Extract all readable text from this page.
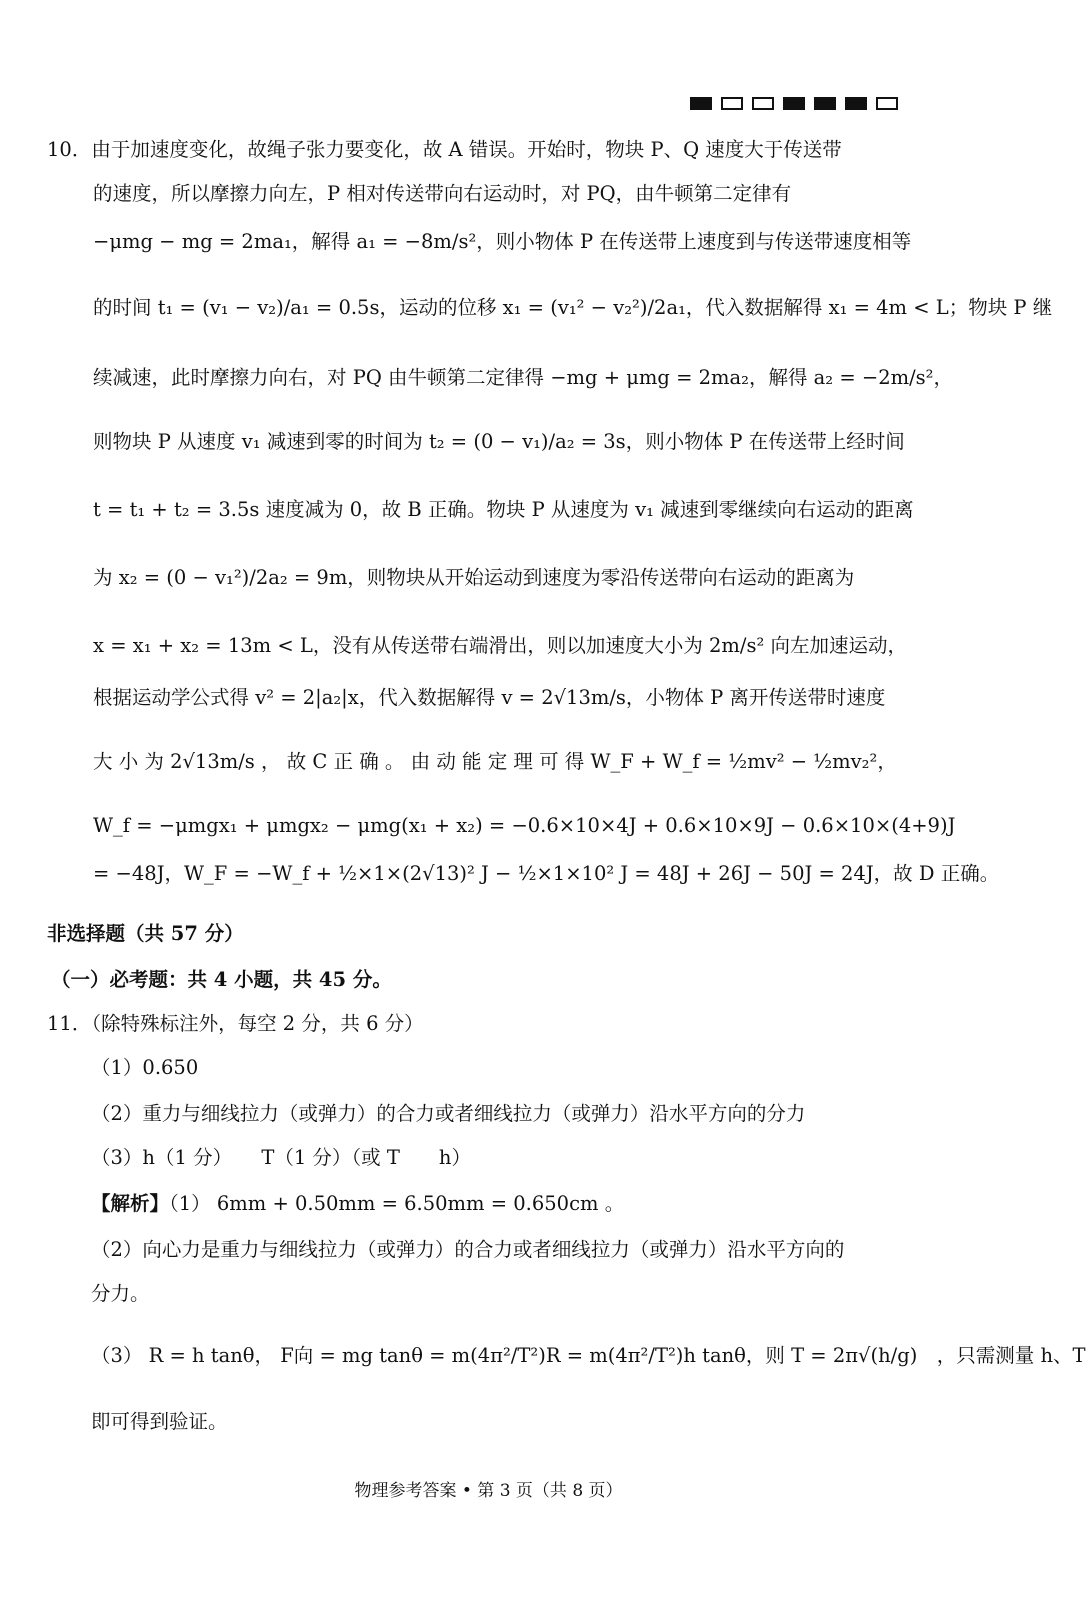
10．由于加速度变化，故绳子张力要变化，故 A 错误。开始时，物块 P、Q 速度大于传送带
的速度，所以摩擦力向左，P 相对传送带向右运动时，对 PQ，由牛顿第二定律有
−μmg − mg = 2ma₁，解得 a₁ = −8m/s²，则小物体 P 在传送带上速度到与传送带速度相等
的时间 t₁ = (v₁ − v₂)/a₁ = 0.5s，运动的位移 x₁ = (v₁² − v₂²)/2a₁，代入数据解得 x₁ = 4m < L；物块 P 继
续减速，此时摩擦力向右，对 PQ 由牛顿第二定律得 −mg + μmg = 2ma₂，解得 a₂ = −2m/s²，
则物块 P 从速度 v₁ 减速到零的时间为 t₂ = (0 − v₁)/a₂ = 3s，则小物体 P 在传送带上经时间
t = t₁ + t₂ = 3.5s 速度减为 0，故 B 正确。物块 P 从速度为 v₁ 减速到零继续向右运动的距离
为 x₂ = (0 − v₁²)/2a₂ = 9m，则物块从开始运动到速度为零沿传送带向右运动的距离为
x = x₁ + x₂ = 13m < L，没有从传送带右端滑出，则以加速度大小为 2m/s² 向左加速运动，
根据运动学公式得 v² = 2|a₂|x，代入数据解得 v = 2√13m/s，小物体 P 离开传送带时速度
大 小 为 2√13m/s ， 故 C 正 确 。 由 动 能 定 理 可 得 W_F + W_f = ½mv² − ½mv₂²，
W_f = −μmgx₁ + μmgx₂ − μmg(x₁ + x₂) = −0.6×10×4J + 0.6×10×9J − 0.6×10×(4+9)J
= −48J，W_F = −W_f + ½×1×(2√13)² J − ½×1×10² J = 48J + 26J − 50J = 24J，故 D 正确。
非选择题（共 57 分）
（一）必考题：共 4 小题，共 45 分。
11．（除特殊标注外，每空 2 分，共 6 分）
（1）0.650
（2）重力与细线拉力（或弹力）的合力或者细线拉力（或弹力）沿水平方向的分力
（3）h（1 分）　　T（1 分）（或 T　　h）
【解析】（1） 6mm + 0.50mm = 6.50mm = 0.650cm 。
（2）向心力是重力与细线拉力（或弹力）的合力或者细线拉力（或弹力）沿水平方向的
分力。
（3） R = h tanθ， F向 = mg tanθ = m(4π²/T²)R = m(4π²/T²)h tanθ，则 T = 2π√(h/g)　，只需测量 h、T
即可得到验证。
物理参考答案 • 第 3 页（共 8 页）
